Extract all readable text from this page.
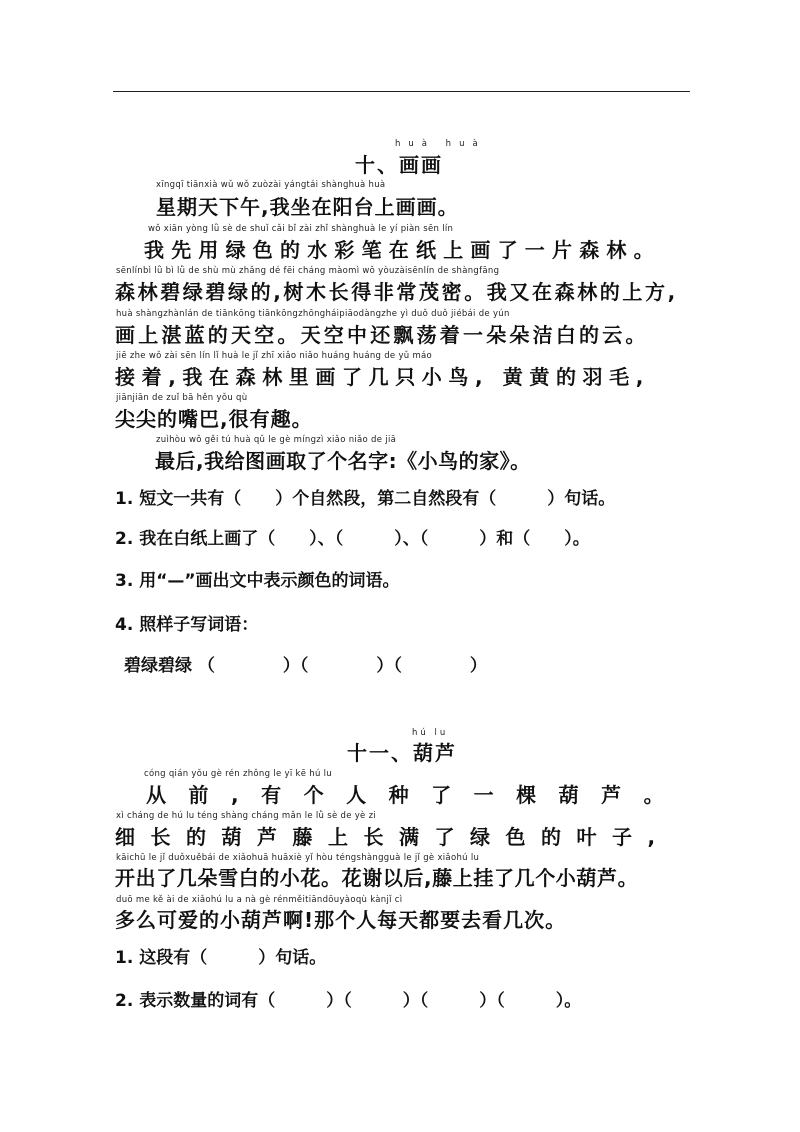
huà huà
十、画画
xīngqī tiānxià wǔ wǒ zuòzài yángtái shànghuà huà
星期天下午,我坐在阳台上画画。
wǒ xiān yòng lǜ sè de shuǐ cǎi bǐ zài zhǐ shànghuà le yí piàn sēn lín
我先用绿色的水彩笔在纸上画了一片森林。
sēnlínbì lǜ bì lǜ de shù mù zhǎng dé fēi cháng màomì wǒ yòuzàisēnlín de shàngfāng
森林碧绿碧绿的,树木长得非常茂密。我又在森林的上方,
huà shàngzhànlán de tiānkōng tiānkōngzhōngháipiāodàngzhe yì duǒ duǒ jiébái de yún
画上湛蓝的天空。天空中还飘荡着一朵朵洁白的云。
jiē zhe wǒ zài sēn lín lǐ huà le jǐ zhī xiǎo niǎo huáng huáng de yǔ máo
接着,我在森林里画了几只小鸟, 黄黄的羽毛,
jiānjiān de zuǐ bā hěn yǒu qù
尖尖的嘴巴,很有趣。
zuìhòu wǒ gěi tú huà qǔ le gè míngzì xiǎo niǎo de jiā
最后,我给图画取了个名字:《小鸟的家》。
1. 短文一共有（　　）个自然段，第二自然段有（　　　）句话。
2. 我在白纸上画了（　　）、（　　　）、（　　　）和（　　）。
3. 用“—”画出文中表示颜色的词语。
4. 照样子写词语：
碧绿碧绿 （　　　　）（　　　　）（　　　　）
hú lu
十一、葫芦
cóng qián yǒu gè rén zhǒng le yī kē hú lu
从前,有个人种了一棵葫芦。
xì cháng de hú lu téng shàng cháng mǎn le lǜ sè de yè zi
细长的葫芦藤上长满了绿色的叶子,
kāichū le jǐ duǒxuěbái de xiǎohuā huāxiè yǐ hòu téngshàngguà le jǐ gè xiǎohú lu
开出了几朵雪白的小花。花谢以后,藤上挂了几个小葫芦。
duō me kě ài de xiǎohú lu a nà gè rénměitiāndōuyàoqù kànjǐ cì
多么可爱的小葫芦啊!那个人每天都要去看几次。
1. 这段有（　　　）句话。
2. 表示数量的词有（　　　）（　　　）（　　　）（　　　）。
